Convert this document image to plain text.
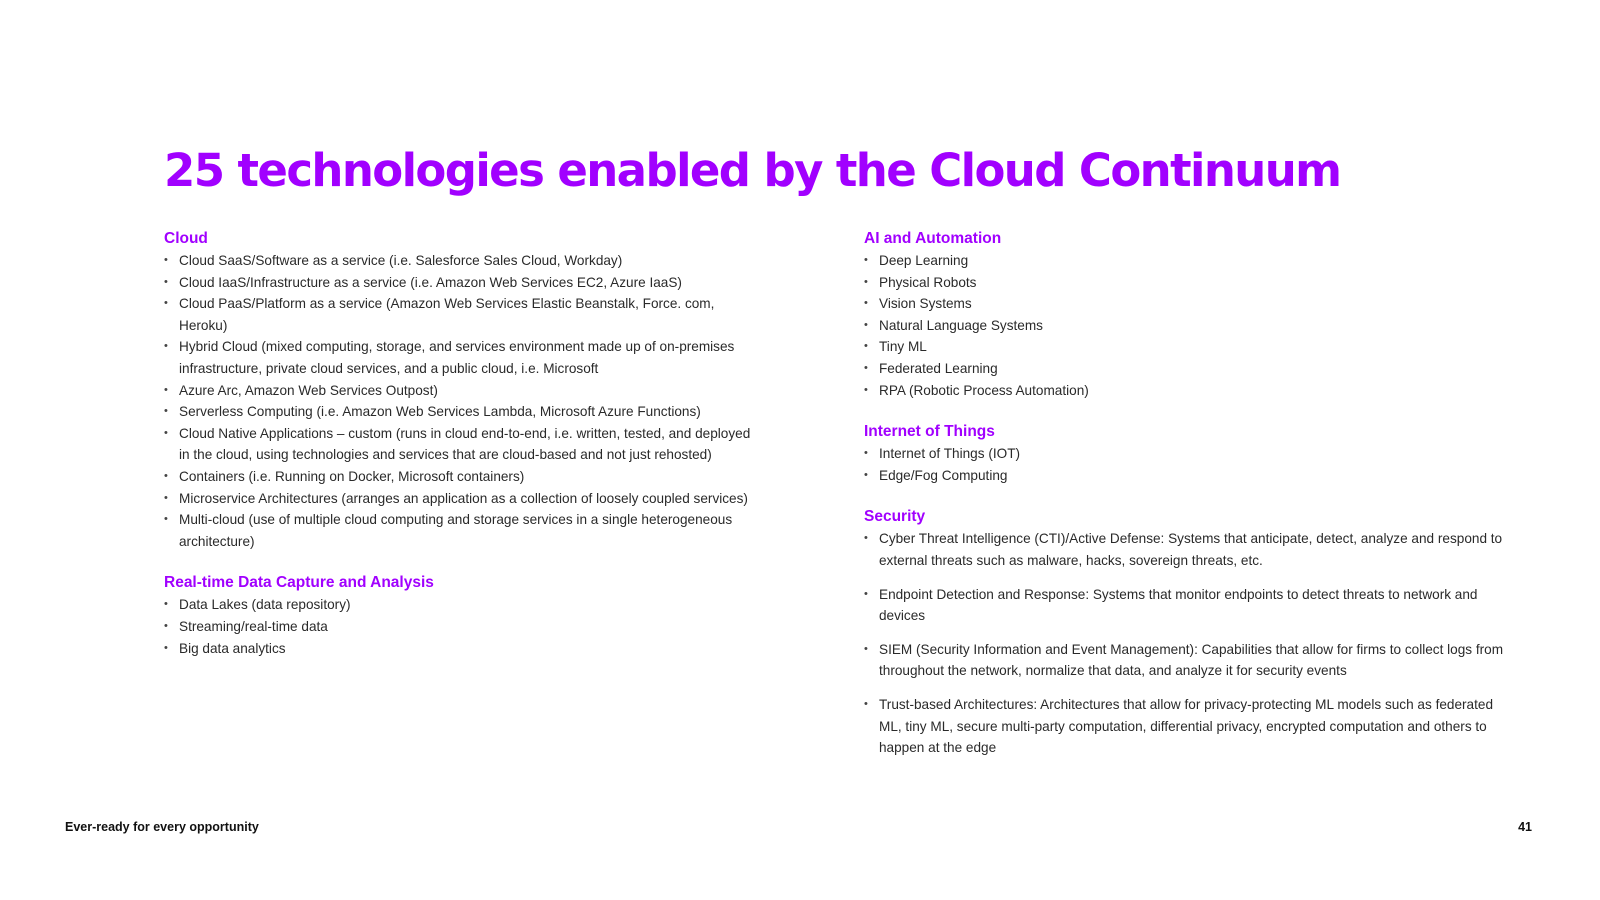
25 technologies enabled by the Cloud Continuum
Cloud
• Cloud SaaS/Software as a service (i.e. Salesforce Sales Cloud, Workday)
• Cloud IaaS/Infrastructure as a service (i.e. Amazon Web Services EC2, Azure IaaS)
• Cloud PaaS/Platform as a service (Amazon Web Services Elastic Beanstalk, Force. com, Heroku)
• Hybrid Cloud (mixed computing, storage, and services environment made up of on-premises infrastructure, private cloud services, and a public cloud, i.e. Microsoft
• Azure Arc, Amazon Web Services Outpost)
• Serverless Computing (i.e. Amazon Web Services Lambda, Microsoft Azure Functions)
• Cloud Native Applications – custom (runs in cloud end-to-end, i.e. written, tested, and deployed in the cloud, using technologies and services that are cloud-based and not just rehosted)
• Containers (i.e. Running on Docker, Microsoft containers)
• Microservice Architectures (arranges an application as a collection of loosely coupled services)
• Multi-cloud (use of multiple cloud computing and storage services in a single heterogeneous architecture)
Real-time Data Capture and Analysis
• Data Lakes (data repository)
• Streaming/real-time data
• Big data analytics
AI and Automation
• Deep Learning
• Physical Robots
• Vision Systems
• Natural Language Systems
• Tiny ML
• Federated Learning
• RPA (Robotic Process Automation)
Internet of Things
• Internet of Things (IOT)
• Edge/Fog Computing
Security
• Cyber Threat Intelligence (CTI)/Active Defense: Systems that anticipate, detect, analyze and respond to external threats such as malware, hacks, sovereign threats, etc.
• Endpoint Detection and Response: Systems that monitor endpoints to detect threats to network and devices
• SIEM (Security Information and Event Management): Capabilities that allow for firms to collect logs from throughout the network, normalize that data, and analyze it for security events
• Trust-based Architectures: Architectures that allow for privacy-protecting ML models such as federated ML, tiny ML, secure multi-party computation, differential privacy, encrypted computation and others to happen at the edge
Ever-ready for every opportunity	41
